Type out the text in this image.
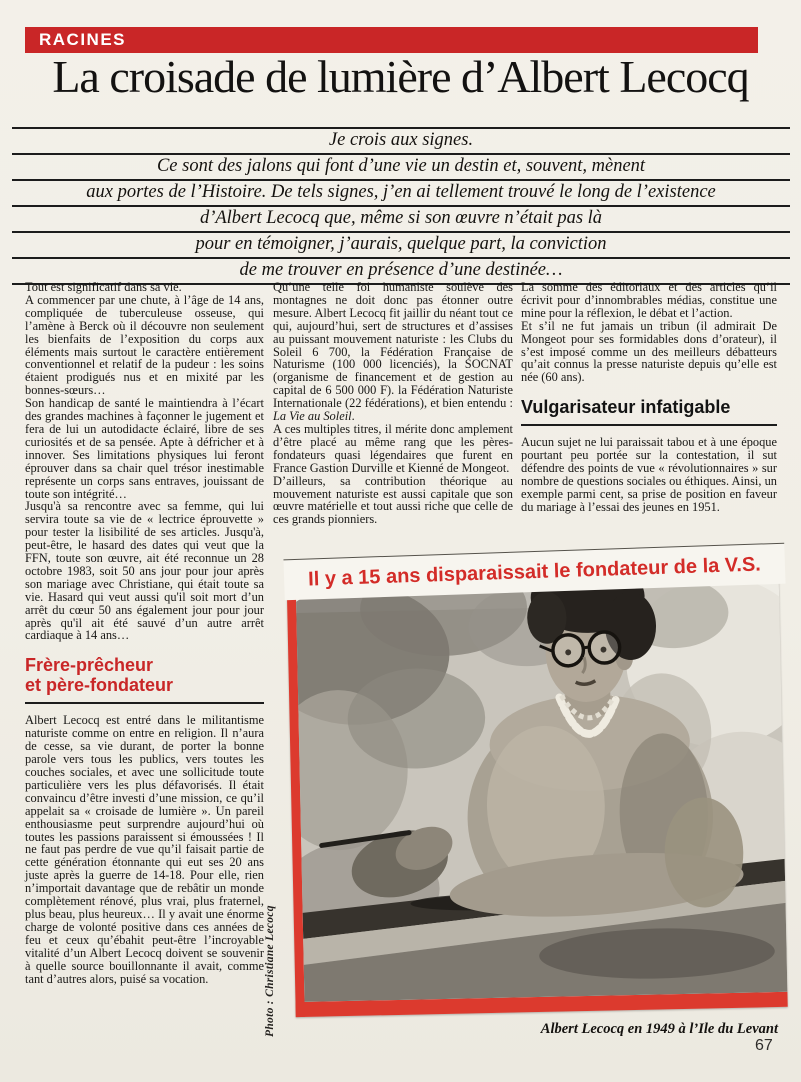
RACINES
La croisade de lumière d’Albert Lecocq
Je crois aux signes.
Ce sont des jalons qui font d’une vie un destin et, souvent, mènent
aux portes de l’Histoire. De tels signes, j’en ai tellement trouvé le long de l’existence
d’Albert Lecocq que, même si son œuvre n’était pas là
pour en témoigner, j’aurais, quelque part, la conviction
de me trouver en présence d’une destinée…

Tout est significatif dans sa vie.

A commencer par une chute, à l’âge de 14 ans, compliquée de tuberculeuse osseuse, qui l’amène à Berck où il découvre non seulement les bienfaits de l’exposition du corps aux éléments mais surtout le caractère entièrement conventionnel et relatif de la pudeur : les soins étaient prodigués nus et en mixité par les bonnes-sœurs…

Son handicap de santé le maintiendra à l’écart des grandes machines à façonner le jugement et fera de lui un autodidacte éclairé, libre de ses curiosités et de sa pensée. Apte à défricher et à innover. Ses limitations physiques lui feront éprouver dans sa chair quel trésor inestimable représente un corps sans entraves, jouissant de toute son intégrité…

Jusqu'à sa rencontre avec sa femme, qui lui servira toute sa vie de « lectrice éprouvette » pour tester la lisibilité de ses articles. Jusqu'à, peut-être, le hasard des dates qui veut que la FFN, toute son œuvre, ait été reconnue un 28 octobre 1983, soit 50 ans jour pour jour après son mariage avec Christiane, qui était toute sa vie. Hasard qui veut aussi qu'il soit mort d’un arrêt du cœur 50 ans également jour pour jour après qu'il ait été sauvé d’un autre arrêt cardiaque à 14 ans…

Frère-prêcheur
et père-fondateur

Albert Lecocq est entré dans le militantisme naturiste comme on entre en religion. Il n’aura de cesse, sa vie durant, de porter la bonne parole vers tous les publics, vers toutes les couches sociales, et avec une sollicitude toute particulière vers les plus défavorisés. Il était convaincu d’être investi d’une mission, ce qu’il appelait sa « croisade de lumière ». Un pareil enthousiasme peut surprendre aujourd’hui où toutes les passions paraissent si émoussées ! Il ne faut pas perdre de vue qu’il faisait partie de cette génération étonnante qui eut ses 20 ans juste après la guerre de 14-18. Pour elle, rien n’importait davantage que de rebâtir un monde complètement rénové, plus vrai, plus fraternel, plus beau, plus heureux… Il y avait une énorme charge de volonté positive dans ces années de feu et ceux qu’ébahit peut-être l’incroyable vitalité d’un Albert Lecocq doivent se souvenir à quelle source bouillonnante il avait, comme tant d’autres alors, puisé sa vocation.

Qu’une telle foi humaniste soulève des montagnes ne doit donc pas étonner outre mesure. Albert Lecocq fit jaillir du néant tout ce qui, aujourd’hui, sert de structures et d’assises au puissant mouvement naturiste : les Clubs du Soleil 6 700, la Fédération Française de Naturisme (100 000 licenciés), la SOCNAT (organisme de financement et de gestion au capital de 6 500 000 F). la Fédération Naturiste Internationale (22 fédérations), et bien entendu : La Vie au Soleil.

A ces multiples titres, il mérite donc amplement d’être placé au même rang que les pères-fondateurs quasi légendaires que furent en France Gastion Durville et Kienné de Mongeot.

D’ailleurs, sa contribution théorique au mouvement naturiste est aussi capitale que son œuvre matérielle et tout aussi riche que celle de ces grands pionniers.

La somme des éditoriaux et des articles qu’il écrivit pour d’innombrables médias, constitue une mine pour la réflexion, le débat et l’action.

Et s’il ne fut jamais un tribun (il admirait De Mongeot pour ses formidables dons d’orateur), il s’est imposé comme un des meilleurs débatteurs qu’ait connus la presse naturiste depuis qu’elle est née (60 ans).

Vulgarisateur infatigable

Aucun sujet ne lui paraissait tabou et à une époque pourtant peu portée sur la contestation, il sut défendre des points de vue « révolutionnaires » sur nombre de questions sociales ou éthiques. Ainsi, un exemple parmi cent, sa prise de position en faveur du mariage à l’essai des jeunes en 1951.

Il y a 15 ans disparaissait le fondateur de la V.S.
Photo : Christiane Lecocq	Albert Lecocq en 1949 à l’Ile du Levant
67
